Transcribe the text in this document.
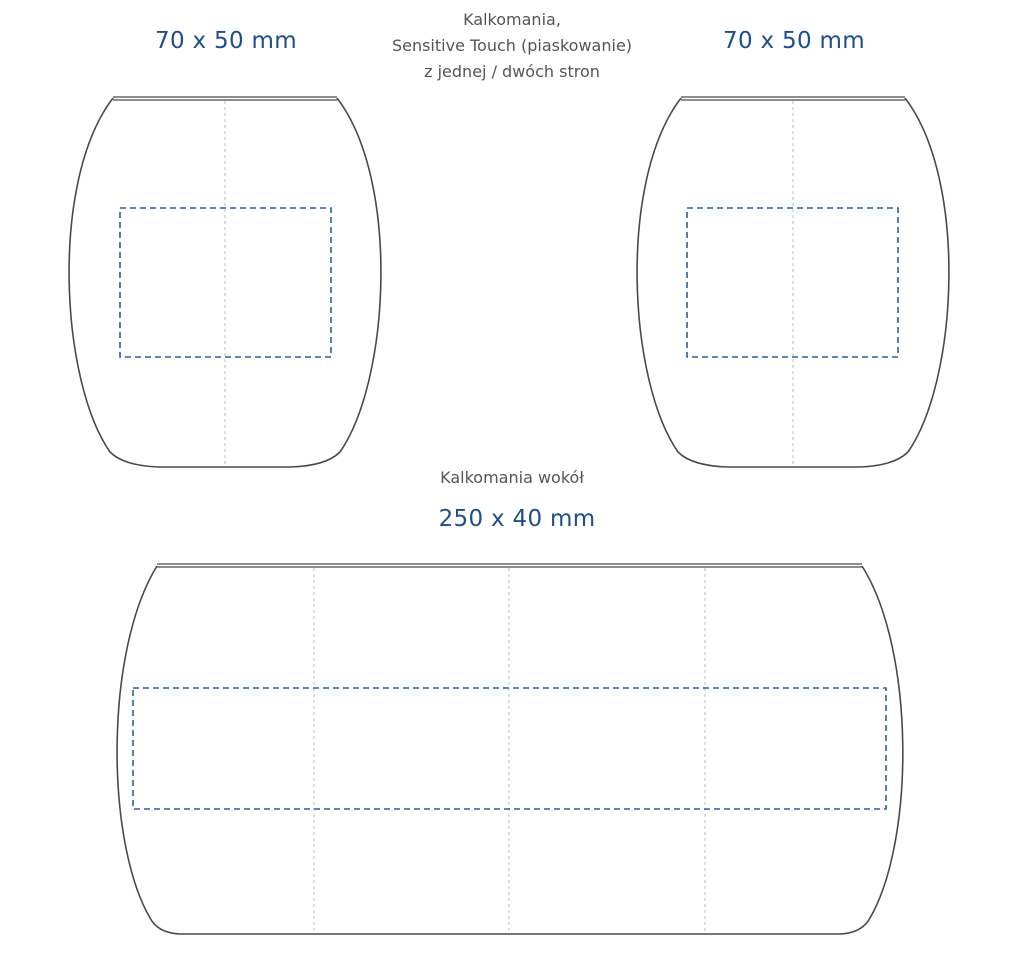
Kalkomania,
Sensitive Touch (piaskowanie)
z jednej / dwóch stron
70 x 50 mm	70 x 50 mm
Kalkomania wokół
250 x 40 mm
